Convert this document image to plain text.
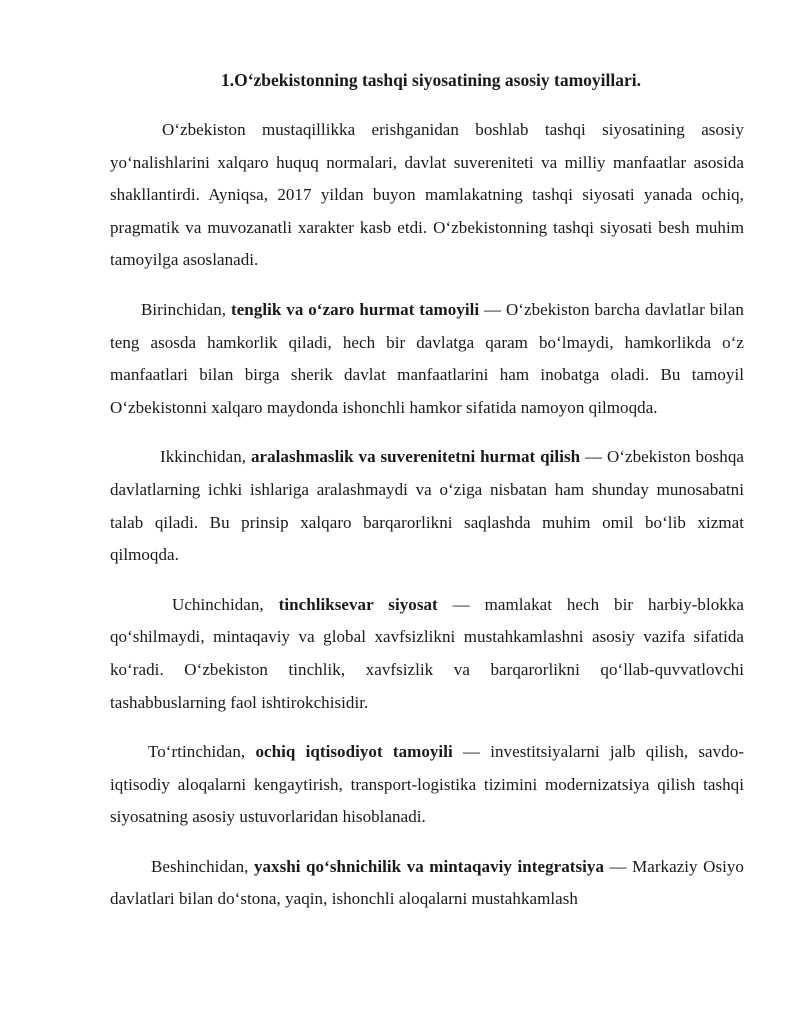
1.O‘zbekistonning tashqi siyosatining asosiy tamoyillari.

O‘zbekiston mustaqillikka erishganidan boshlab tashqi siyosatining asosiy yo‘nalishlarini xalqaro huquq normalari, davlat suvereniteti va milliy manfaatlar asosida shakllantirdi. Ayniqsa, 2017 yildan buyon mamlakatning tashqi siyosati yanada ochiq, pragmatik va muvozanatli xarakter kasb etdi. O‘zbekistonning tashqi siyosati besh muhim tamoyilga asoslanadi.

Birinchidan, tenglik va o‘zaro hurmat tamoyili — O‘zbekiston barcha davlatlar bilan teng asosda hamkorlik qiladi, hech bir davlatga qaram bo‘lmaydi, hamkorlikda o‘z manfaatlari bilan birga sherik davlat manfaatlarini ham inobatga oladi. Bu tamoyil O‘zbekistonni xalqaro maydonda ishonchli hamkor sifatida namoyon qilmoqda.

Ikkinchidan, aralashmaslik va suverenitetni hurmat qilish — O‘zbekiston boshqa davlatlarning ichki ishlariga aralashmaydi va o‘ziga nisbatan ham shunday munosabatni talab qiladi. Bu prinsip xalqaro barqarorlikni saqlashda muhim omil bo‘lib xizmat qilmoqda.

Uchinchidan, tinchliksevar siyosat — mamlakat hech bir harbiy-blokka qo‘shilmaydi, mintaqaviy va global xavfsizlikni mustahkamlashni asosiy vazifa sifatida ko‘radi. O‘zbekiston tinchlik, xavfsizlik va barqarorlikni qo‘llab-quvvatlovchi tashabbuslarning faol ishtirokchisidir.

To‘rtinchidan, ochiq iqtisodiyot tamoyili — investitsiyalarni jalb qilish, savdo-iqtisodiy aloqalarni kengaytirish, transport-logistika tizimini modernizatsiya qilish tashqi siyosatning asosiy ustuvorlaridan hisoblanadi.

Beshinchidan, yaxshi qo‘shnichilik va mintaqaviy integratsiya — Markaziy Osiyo davlatlari bilan do‘stona, yaqin, ishonchli aloqalarni mustahkamlash
